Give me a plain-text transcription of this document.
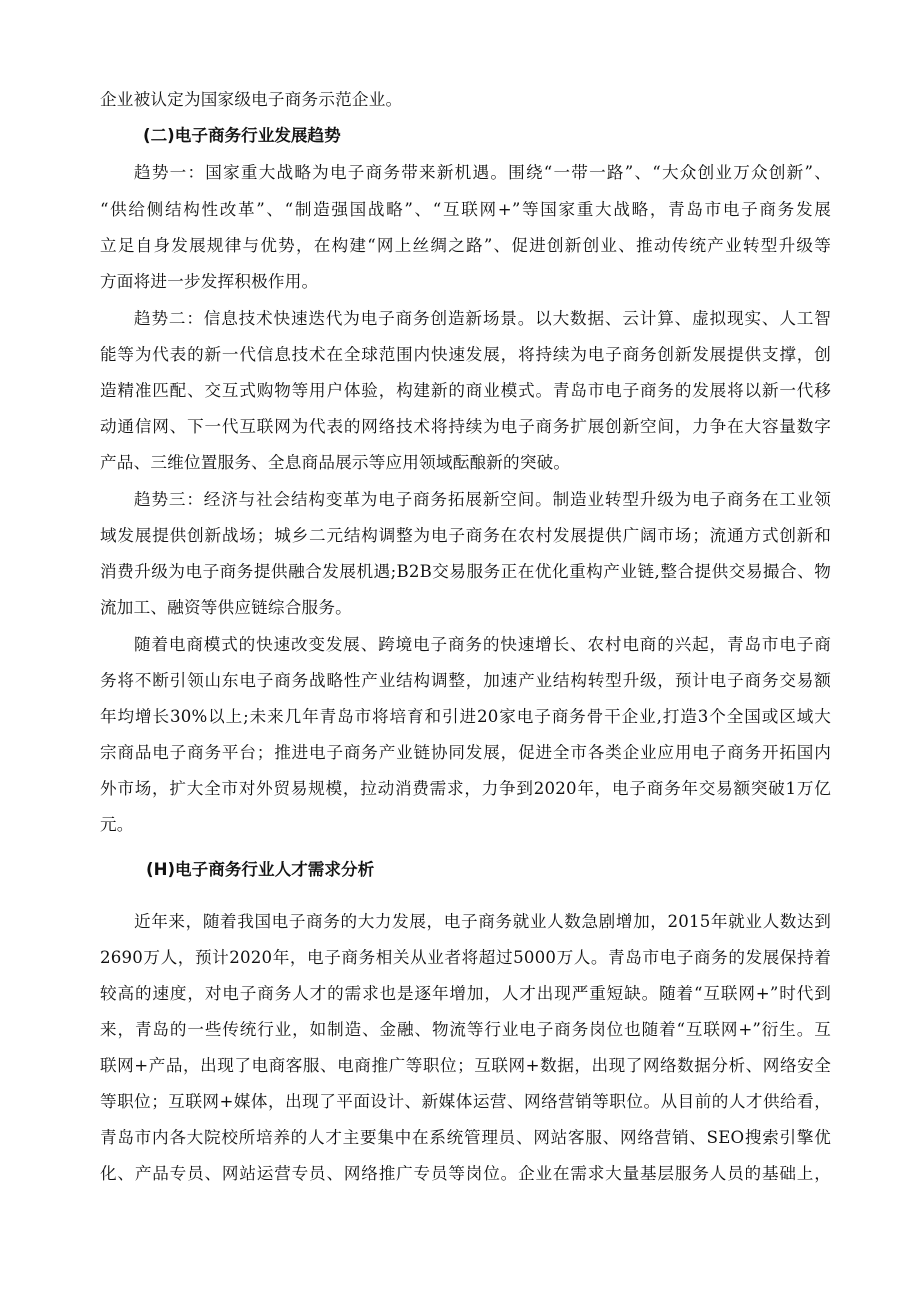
企业被认定为国家级电子商务示范企业。
(二)电子商务行业发展趋势
趋势一：国家重大战略为电子商务带来新机遇。围绕“一带一路”、“大众创业万众创新”、
“供给侧结构性改革”、“制造强国战略”、“互联网+”等国家重大战略，青岛市电子商务发展
立足自身发展规律与优势，在构建“网上丝绸之路”、促进创新创业、推动传统产业转型升级等
方面将进一步发挥积极作用。
趋势二：信息技术快速迭代为电子商务创造新场景。以大数据、云计算、虚拟现实、人工智
能等为代表的新一代信息技术在全球范围内快速发展，将持续为电子商务创新发展提供支撑，创
造精准匹配、交互式购物等用户体验，构建新的商业模式。青岛市电子商务的发展将以新一代移
动通信网、下一代互联网为代表的网络技术将持续为电子商务扩展创新空间，力争在大容量数字
产品、三维位置服务、全息商品展示等应用领域酝酿新的突破。
趋势三：经济与社会结构变革为电子商务拓展新空间。制造业转型升级为电子商务在工业领
域发展提供创新战场；城乡二元结构调整为电子商务在农村发展提供广阔市场；流通方式创新和
消费升级为电子商务提供融合发展机遇;B2B交易服务正在优化重构产业链,整合提供交易撮合、物
流加工、融资等供应链综合服务。
随着电商模式的快速改变发展、跨境电子商务的快速增长、农村电商的兴起，青岛市电子商
务将不断引领山东电子商务战略性产业结构调整，加速产业结构转型升级，预计电子商务交易额
年均增长30%以上;未来几年青岛市将培育和引进20家电子商务骨干企业,打造3个全国或区域大
宗商品电子商务平台；推进电子商务产业链协同发展，促进全市各类企业应用电子商务开拓国内
外市场，扩大全市对外贸易规模，拉动消费需求，力争到2020年，电子商务年交易额突破1万亿
元。
(H)电子商务行业人才需求分析
近年来，随着我国电子商务的大力发展，电子商务就业人数急剧增加，2015年就业人数达到
2690万人，预计2020年，电子商务相关从业者将超过5000万人。青岛市电子商务的发展保持着
较高的速度，对电子商务人才的需求也是逐年增加，人才出现严重短缺。随着“互联网+”时代到
来，青岛的一些传统行业，如制造、金融、物流等行业电子商务岗位也随着“互联网+”衍生。互
联网+产品，出现了电商客服、电商推广等职位；互联网+数据，出现了网络数据分析、网络安全
等职位；互联网+媒体，出现了平面设计、新媒体运营、网络营销等职位。从目前的人才供给看，
青岛市内各大院校所培养的人才主要集中在系统管理员、网站客服、网络营销、SEO搜索引擎优
化、产品专员、网站运营专员、网络推广专员等岗位。企业在需求大量基层服务人员的基础上，
